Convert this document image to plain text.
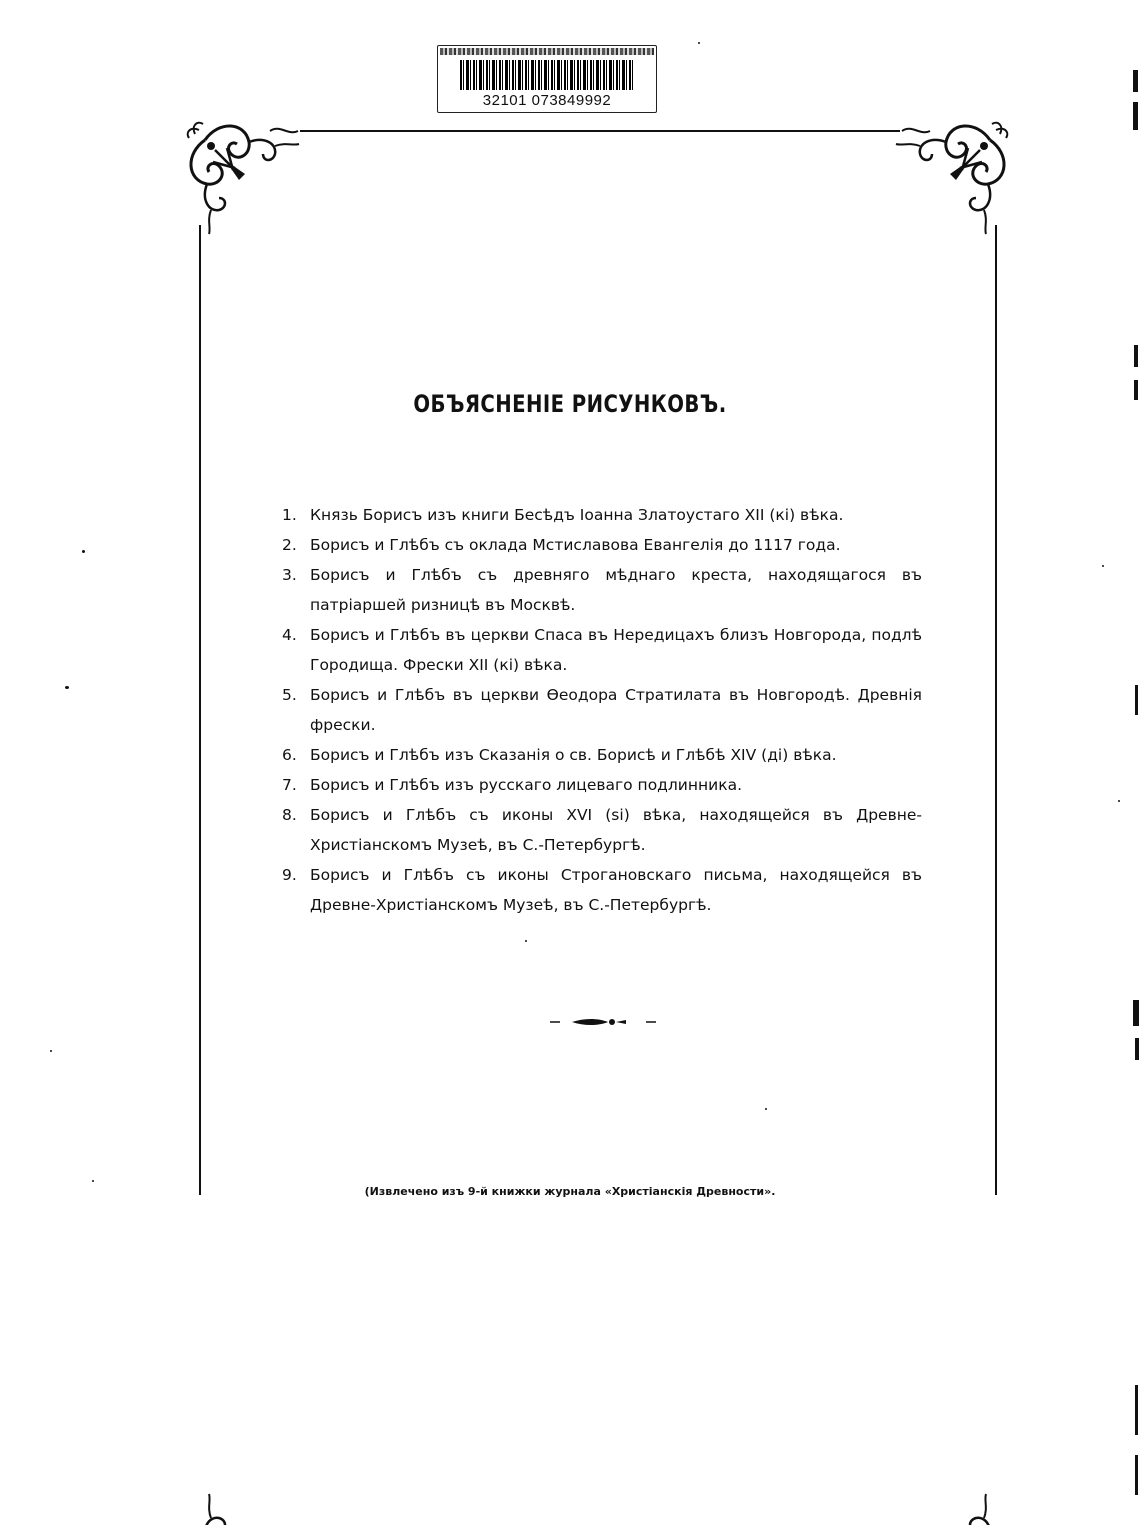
32101 073849992
ОБЪЯСНЕНІЕ РИСУНКОВЪ.
1. Князь Борисъ изъ книги Бесѣдъ Іоанна Златоустаго XII (кі) вѣка.
2. Борисъ и Глѣбъ съ оклада Мстиславова Евангелія до 1117 года.
3. Борисъ и Глѣбъ съ древняго мѣднаго креста, находящагося въ патріаршей ризницѣ въ Москвѣ.
4. Борисъ и Глѣбъ въ церкви Спаса въ Нередицахъ близъ Новгорода, подлѣ Городища. Фрески XII (кі) вѣка.
5. Борисъ и Глѣбъ въ церкви Ѳеодора Стратилата въ Новгородѣ. Древнія фрески.
6. Борисъ и Глѣбъ изъ Сказанія о св. Борисѣ и Глѣбѣ XIV (ді) вѣка.
7. Борисъ и Глѣбъ изъ русскаго лицеваго подлинника.
8. Борисъ и Глѣбъ съ иконы XVI (ѕі) вѣка, находящейся въ Древне-Христіанскомъ Музеѣ, въ С.-Петербургѣ.
9. Борисъ и Глѣбъ съ иконы Строгановскаго письма, находящейся въ Древне-Христіанскомъ Музеѣ, въ С.-Петербургѣ.
(Извлечено изъ 9-й книжки журнала «Христіанскія Древности».
